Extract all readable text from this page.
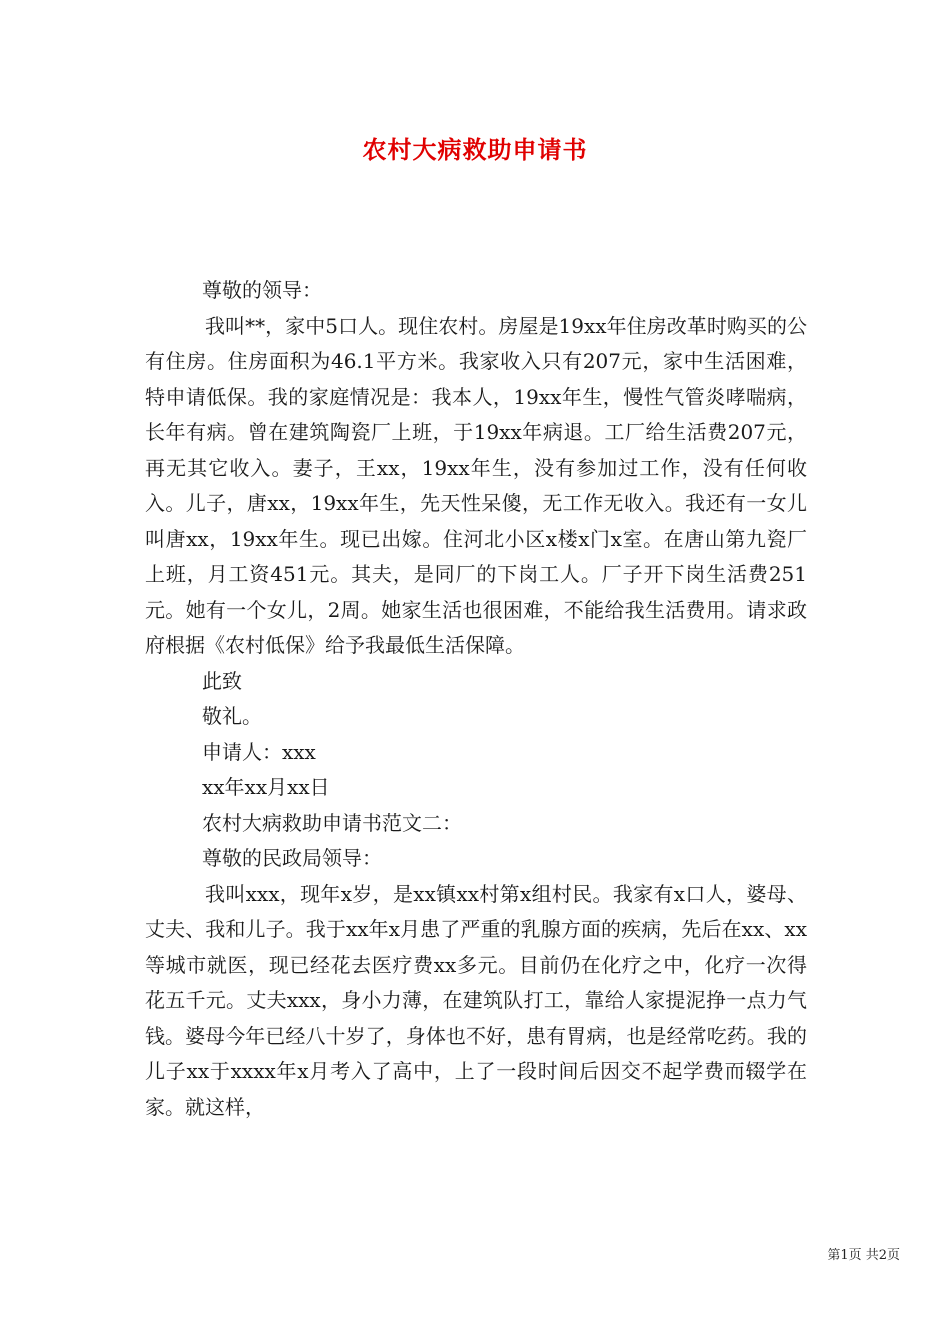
农村大病救助申请书

尊敬的领导：

我叫**，家中5口人。现住农村。房屋是19xx年住房改革时购买的公有住房。住房面积为46.1平方米。我家收入只有207元，家中生活困难，特申请低保。我的家庭情况是：我本人，19xx年生，慢性气管炎哮喘病，长年有病。曾在建筑陶瓷厂上班，于19xx年病退。工厂给生活费207元，再无其它收入。妻子，王xx，19xx年生，没有参加过工作，没有任何收入。儿子，唐xx，19xx年生，先天性呆傻，无工作无收入。我还有一女儿叫唐xx，19xx年生。现已出嫁。住河北小区x楼x门x室。在唐山第九瓷厂上班，月工资451元。其夫，是同厂的下岗工人。厂子开下岗生活费251元。她有一个女儿，2周。她家生活也很困难，不能给我生活费用。请求政府根据《农村低保》给予我最低生活保障。

此致

敬礼。

申请人：xxx

xx年xx月xx日

农村大病救助申请书范文二：

尊敬的民政局领导：

我叫xxx，现年x岁，是xx镇xx村第x组村民。我家有x口人，婆母、丈夫、我和儿子。我于xx年x月患了严重的乳腺方面的疾病，先后在xx、xx等城市就医，现已经花去医疗费xx多元。目前仍在化疗之中，化疗一次得花五千元。丈夫xxx，身小力薄，在建筑队打工，靠给人家提泥挣一点力气钱。婆母今年已经八十岁了，身体也不好，患有胃病，也是经常吃药。我的儿子xx于xxxx年x月考入了高中，上了一段时间后因交不起学费而辍学在家。就这样，

第1页 共2页
